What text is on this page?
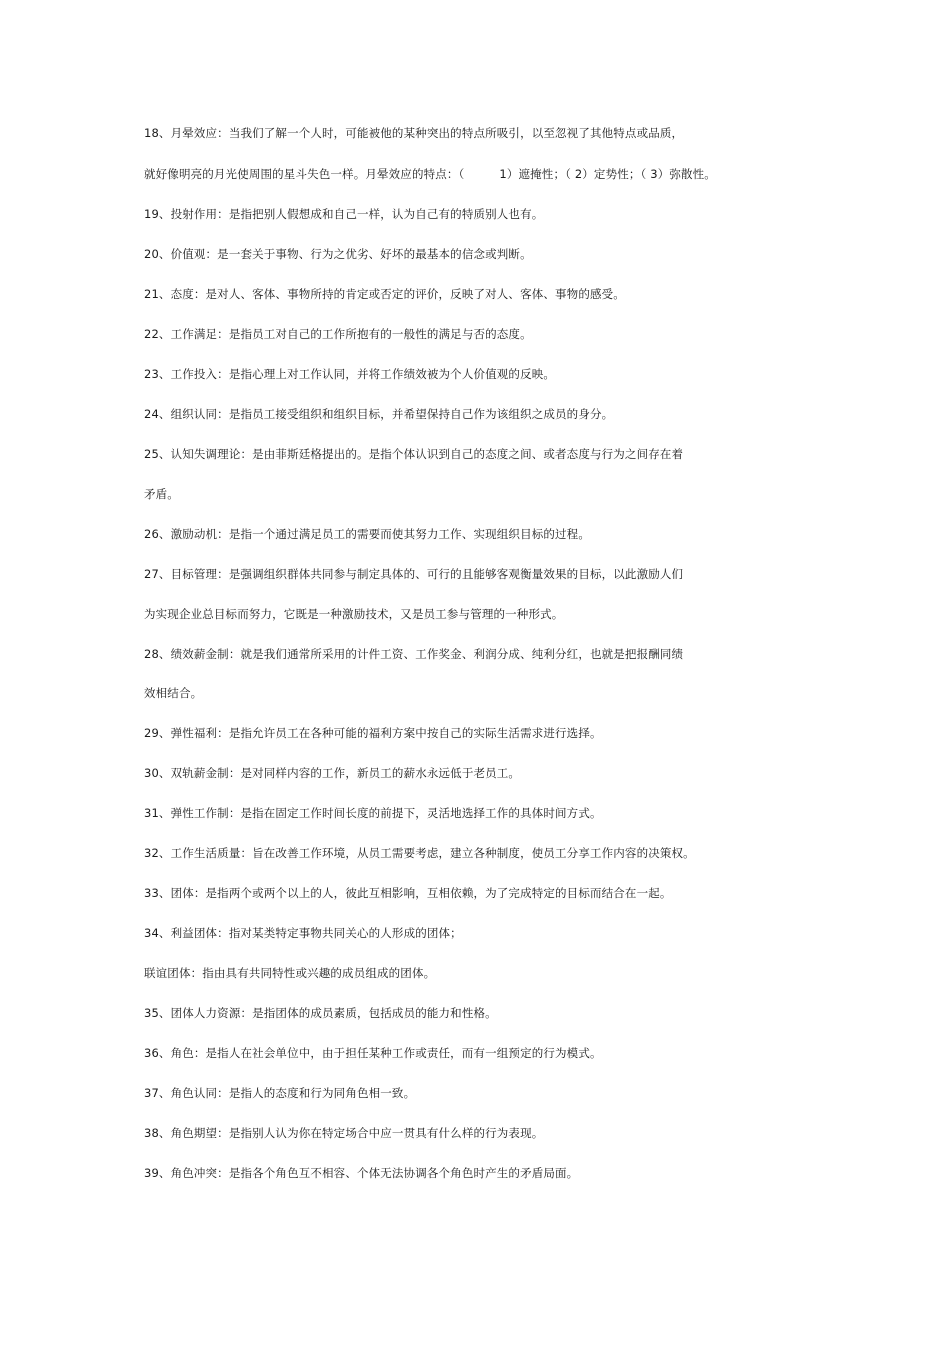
18、月晕效应：当我们了解一个人时，可能被他的某种突出的特点所吸引，以至忽视了其他特点或品质，
就好像明亮的月光使周围的星斗失色一样。月晕效应的特点：（　　　1）遮掩性；（ 2）定势性；（ 3）弥散性。
19、投射作用：是指把别人假想成和自己一样，认为自己有的特质别人也有。
20、价值观：是一套关于事物、行为之优劣、好坏的最基本的信念或判断。
21、态度：是对人、客体、事物所持的肯定或否定的评价，反映了对人、客体、事物的感受。
22、工作满足：是指员工对自己的工作所抱有的一般性的满足与否的态度。
23、工作投入：是指心理上对工作认同，并将工作绩效被为个人价值观的反映。
24、组织认同：是指员工接受组织和组织目标，并希望保持自己作为该组织之成员的身分。
25、认知失调理论：是由菲斯廷格提出的。是指个体认识到自己的态度之间、或者态度与行为之间存在着
矛盾。
26、激励动机：是指一个通过满足员工的需要而使其努力工作、实现组织目标的过程。
27、目标管理：是强调组织群体共同参与制定具体的、可行的且能够客观衡量效果的目标，以此激励人们
为实现企业总目标而努力，它既是一种激励技术，又是员工参与管理的一种形式。
28、绩效薪金制：就是我们通常所采用的计件工资、工作奖金、利润分成、纯利分红，也就是把报酬同绩
效相结合。
29、弹性福利：是指允许员工在各种可能的福利方案中按自己的实际生活需求进行选择。
30、双轨薪金制：是对同样内容的工作，新员工的薪水永远低于老员工。
31、弹性工作制：是指在固定工作时间长度的前提下，灵活地选择工作的具体时间方式。
32、工作生活质量：旨在改善工作环境，从员工需要考虑，建立各种制度，使员工分享工作内容的决策权。
33、团体：是指两个或两个以上的人，彼此互相影响，互相依赖，为了完成特定的目标而结合在一起。
34、利益团体：指对某类特定事物共同关心的人形成的团体；
联谊团体：指由具有共同特性或兴趣的成员组成的团体。
35、团体人力资源：是指团体的成员素质，包括成员的能力和性格。
36、角色：是指人在社会单位中，由于担任某种工作或责任，而有一组预定的行为模式。
37、角色认同：是指人的态度和行为同角色相一致。
38、角色期望：是指别人认为你在特定场合中应一贯具有什么样的行为表现。
39、角色冲突：是指各个角色互不相容、个体无法协调各个角色时产生的矛盾局面。
